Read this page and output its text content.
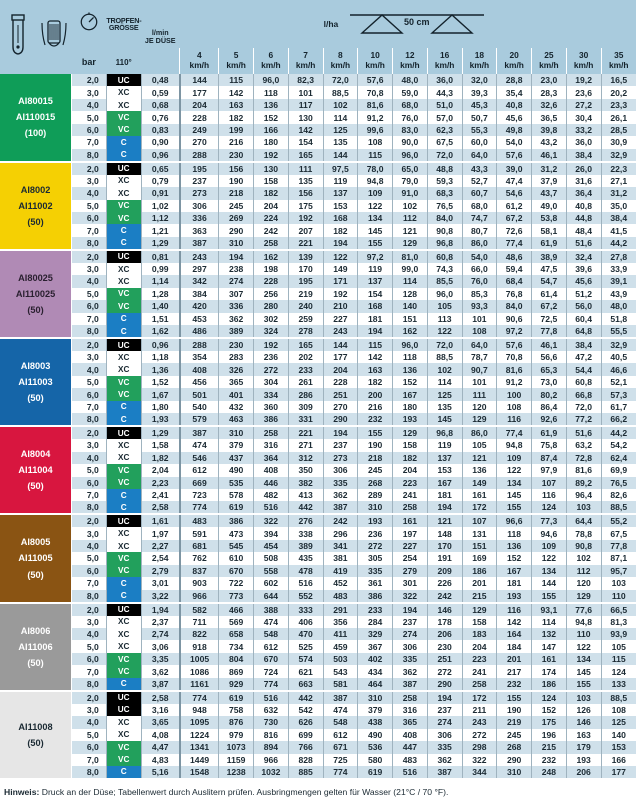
TROPFEN-
GRÖSSE

l/min
JE DÜSE

l/ha	50 cm

		bar	110°		4
km/h	5
km/h	6
km/h	7
km/h	8
km/h	10
km/h	12
km/h	16
km/h	18
km/h	20
km/h	25
km/h	30
km/h	35
km/h

AI80015
AI110015
(100)		2,0	UC	0,48	144	115	96,0	82,3	72,0	57,6	48,0	36,0	32,0	28,8	23,0	19,2	16,5
		3,0	XC	0,59	177	142	118	101	88,5	70,8	59,0	44,3	39,3	35,4	28,3	23,6	20,2
		4,0	XC	0,68	204	163	136	117	102	81,6	68,0	51,0	45,3	40,8	32,6	27,2	23,3
		5,0	VC	0,76	228	182	152	130	114	91,2	76,0	57,0	50,7	45,6	36,5	30,4	26,1
		6,0	VC	0,83	249	199	166	142	125	99,6	83,0	62,3	55,3	49,8	39,8	33,2	28,5
		7,0	C	0,90	270	216	180	154	135	108	90,0	67,5	60,0	54,0	43,2	36,0	30,9
		8,0	C	0,96	288	230	192	165	144	115	96,0	72,0	64,0	57,6	46,1	38,4	32,9

AI8002
AI11002
(50)		2,0	UC	0,65	195	156	130	111	97,5	78,0	65,0	48,8	43,3	39,0	31,2	26,0	22,3
		3,0	XC	0,79	237	190	158	135	119	94,8	79,0	59,3	52,7	47,4	37,9	31,6	27,1
		4,0	XC	0,91	273	218	182	156	137	109	91,0	68,3	60,7	54,6	43,7	36,4	31,2
		5,0	VC	1,02	306	245	204	175	153	122	102	76,5	68,0	61,2	49,0	40,8	35,0
		6,0	VC	1,12	336	269	224	192	168	134	112	84,0	74,7	67,2	53,8	44,8	38,4
		7,0	C	1,21	363	290	242	207	182	145	121	90,8	80,7	72,6	58,1	48,4	41,5
		8,0	C	1,29	387	310	258	221	194	155	129	96,8	86,0	77,4	61,9	51,6	44,2

AI80025
AI110025
(50)		2,0	UC	0,81	243	194	162	139	122	97,2	81,0	60,8	54,0	48,6	38,9	32,4	27,8
		3,0	XC	0,99	297	238	198	170	149	119	99,0	74,3	66,0	59,4	47,5	39,6	33,9
		4,0	XC	1,14	342	274	228	195	171	137	114	85,5	76,0	68,4	54,7	45,6	39,1
		5,0	VC	1,28	384	307	256	219	192	154	128	96,0	85,3	76,8	61,4	51,2	43,9
		6,0	VC	1,40	420	336	280	240	210	168	140	105	93,3	84,0	67,2	56,0	48,0
		7,0	C	1,51	453	362	302	259	227	181	151	113	101	90,6	72,5	60,4	51,8
		8,0	C	1,62	486	389	324	278	243	194	162	122	108	97,2	77,8	64,8	55,5

AI8003
AI11003
(50)		2,0	UC	0,96	288	230	192	165	144	115	96,0	72,0	64,0	57,6	46,1	38,4	32,9
		3,0	XC	1,18	354	283	236	202	177	142	118	88,5	78,7	70,8	56,6	47,2	40,5
		4,0	XC	1,36	408	326	272	233	204	163	136	102	90,7	81,6	65,3	54,4	46,6
		5,0	VC	1,52	456	365	304	261	228	182	152	114	101	91,2	73,0	60,8	52,1
		6,0	VC	1,67	501	401	334	286	251	200	167	125	111	100	80,2	66,8	57,3
		7,0	C	1,80	540	432	360	309	270	216	180	135	120	108	86,4	72,0	61,7
		8,0	C	1,93	579	463	386	331	290	232	193	145	129	116	92,6	77,2	66,2

AI8004
AI11004
(50)		2,0	UC	1,29	387	310	258	221	194	155	129	96,8	86,0	77,4	61,9	51,6	44,2
		3,0	XC	1,58	474	379	316	271	237	190	158	119	105	94,8	75,8	63,2	54,2
		4,0	XC	1,82	546	437	364	312	273	218	182	137	121	109	87,4	72,8	62,4
		5,0	VC	2,04	612	490	408	350	306	245	204	153	136	122	97,9	81,6	69,9
		6,0	VC	2,23	669	535	446	382	335	268	223	167	149	134	107	89,2	76,5
		7,0	C	2,41	723	578	482	413	362	289	241	181	161	145	116	96,4	82,6
		8,0	C	2,58	774	619	516	442	387	310	258	194	172	155	124	103	88,5

AI8005
AI11005
(50)		2,0	UC	1,61	483	386	322	276	242	193	161	121	107	96,6	77,3	64,4	55,2
		3,0	XC	1,97	591	473	394	338	296	236	197	148	131	118	94,6	78,8	67,5
		4,0	XC	2,27	681	545	454	389	341	272	227	170	151	136	109	90,8	77,8
		5,0	VC	2,54	762	610	508	435	381	305	254	191	169	152	122	102	87,1
		6,0	VC	2,79	837	670	558	478	419	335	279	209	186	167	134	112	95,7
		7,0	C	3,01	903	722	602	516	452	361	301	226	201	181	144	120	103
		8,0	C	3,22	966	773	644	552	483	386	322	242	215	193	155	129	110

AI8006
AI11006
(50)		2,0	UC	1,94	582	466	388	333	291	233	194	146	129	116	93,1	77,6	66,5
		3,0	XC	2,37	711	569	474	406	356	284	237	178	158	142	114	94,8	81,3
		4,0	XC	2,74	822	658	548	470	411	329	274	206	183	164	132	110	93,9
		5,0	XC	3,06	918	734	612	525	459	367	306	230	204	184	147	122	105
		6,0	VC	3,35	1005	804	670	574	503	402	335	251	223	201	161	134	115
		7,0	VC	3,62	1086	869	724	621	543	434	362	272	241	217	174	145	124
		8,0	C	3,87	1161	929	774	663	581	464	387	290	258	232	186	155	133

AI11008
(50)		2,0	UC	2,58	774	619	516	442	387	310	258	194	172	155	124	103	88,5
		3,0	UC	3,16	948	758	632	542	474	379	316	237	211	190	152	126	108
		4,0	XC	3,65	1095	876	730	626	548	438	365	274	243	219	175	146	125
		5,0	XC	4,08	1224	979	816	699	612	490	408	306	272	245	196	163	140
		6,0	VC	4,47	1341	1073	894	766	671	536	447	335	298	268	215	179	153
		7,0	VC	4,83	1449	1159	966	828	725	580	483	362	322	290	232	193	166
		8,0	C	5,16	1548	1238	1032	885	774	619	516	387	344	310	248	206	177
Hinweis: Druck an der Düse; Tabellenwert durch Auslitern prüfen. Ausbringmengen gelten für Wasser (21°C / 70 °F).
